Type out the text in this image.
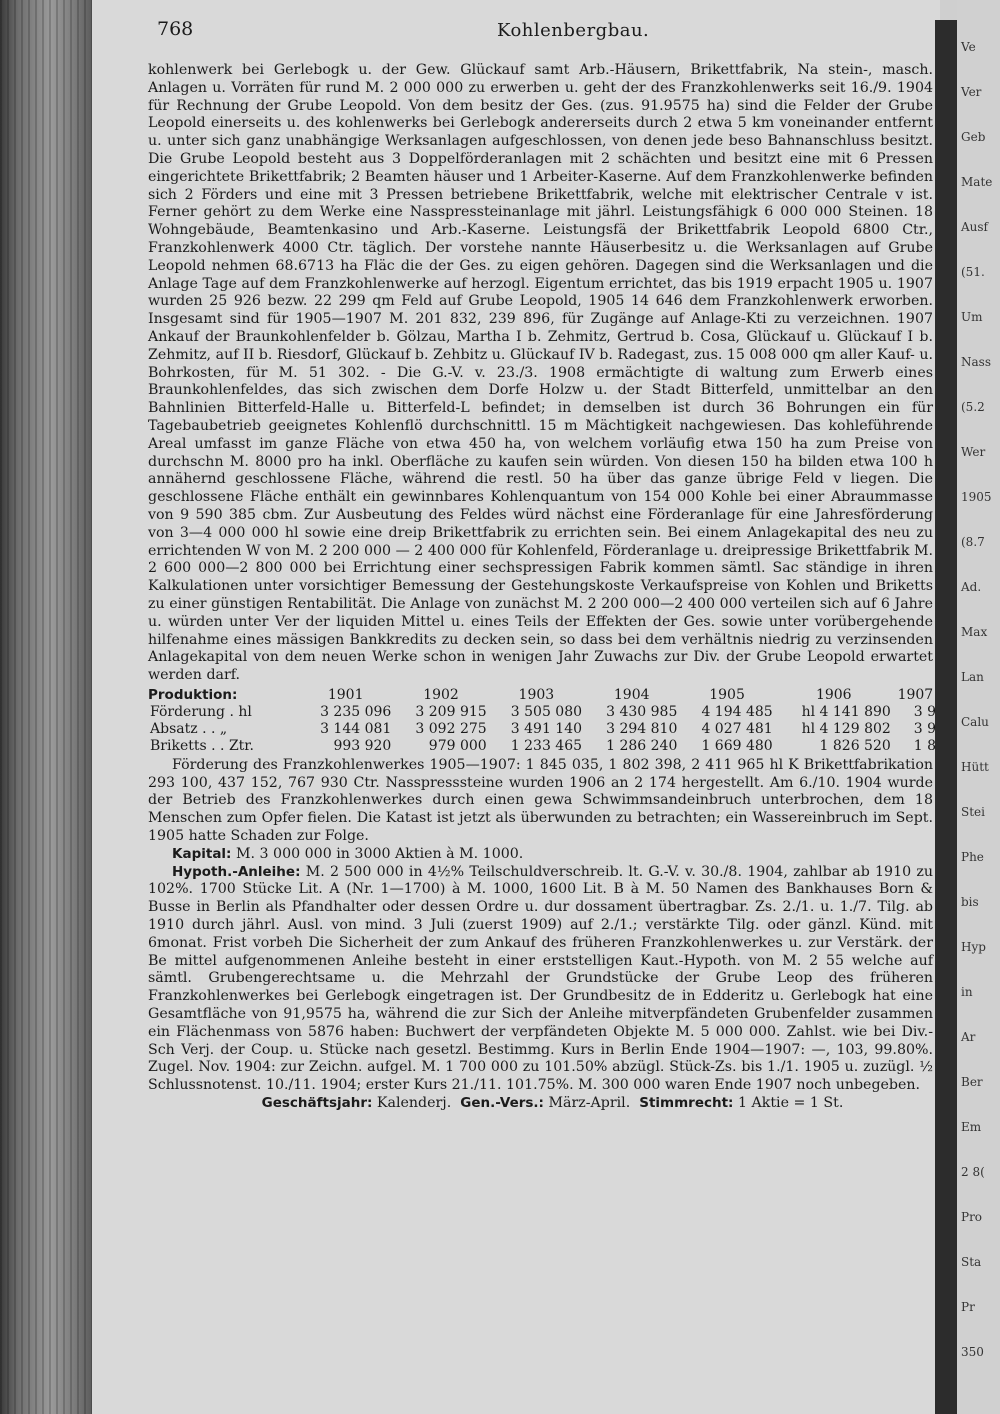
Ve
Ver
Geb
Mate
Ausf
(51.
Um
Nass
(5.2
Wer
1905
(8.7
Ad.
Max
Lan
Calu
Hütt
Stei
Phe
bis
Hyp
in
Ar
Ber
Em
2 8(
Pro
Sta
Pr
350
768	Kohlenbergbau.

kohlenwerk bei Gerlebogk u. der Gew. Glückauf samt Arb.-Häusern, Brikettfabrik, Na stein-, masch. Anlagen u. Vorräten für rund M. 2 000 000 zu erwerben u. geht der des Franzkohlenwerks seit 16./9. 1904 für Rechnung der Grube Leopold. Von dem besitz der Ges. (zus. 91.9575 ha) sind die Felder der Grube Leopold einerseits u. des kohlenwerks bei Gerlebogk andererseits durch 2 etwa 5 km voneinander entfernt u. unter sich ganz unabhängige Werksanlagen aufgeschlossen, von denen jede beso Bahnanschluss besitzt. Die Grube Leopold besteht aus 3 Doppelförderanlagen mit 2 schächten und besitzt eine mit 6 Pressen eingerichtete Brikettfabrik; 2 Beamten häuser und 1 Arbeiter-Kaserne. Auf dem Franzkohlenwerke befinden sich 2 Förders und eine mit 3 Pressen betriebene Brikettfabrik, welche mit elektrischer Centrale v ist. Ferner gehört zu dem Werke eine Nasspressteinanlage mit jährl. Leistungsfähigk 6 000 000 Steinen. 18 Wohngebäude, Beamtenkasino und Arb.-Kaserne. Leistungsfä der Brikettfabrik Leopold 6800 Ctr., Franzkohlenwerk 4000 Ctr. täglich. Der vorstehe nannte Häuserbesitz u. die Werksanlagen auf Grube Leopold nehmen 68.6713 ha Fläc die der Ges. zu eigen gehören. Dagegen sind die Werksanlagen und die Anlage Tage auf dem Franzkohlenwerke auf herzogl. Eigentum errichtet, das bis 1919 erpacht 1905 u. 1907 wurden 25 926 bezw. 22 299 qm Feld auf Grube Leopold, 1905 14 646 dem Franzkohlenwerk erworben. Insgesamt sind für 1905—1907 M. 201 832, 239 896, für Zugänge auf Anlage-Kti zu verzeichnen. 1907 Ankauf der Braunkohlenfelder b. Gölzau, Martha I b. Zehmitz, Gertrud b. Cosa, Glückauf u. Glückauf I b. Zehmitz, auf II b. Riesdorf, Glückauf b. Zehbitz u. Glückauf IV b. Radegast, zus. 15 008 000 qm aller Kauf- u. Bohrkosten, für M. 51 302. - Die G.-V. v. 23./3. 1908 ermächtigte di waltung zum Erwerb eines Braunkohlenfeldes, das sich zwischen dem Dorfe Holzw u. der Stadt Bitterfeld, unmittelbar an den Bahnlinien Bitterfeld-Halle u. Bitterfeld-L befindet; in demselben ist durch 36 Bohrungen ein für Tagebaubetrieb geeignetes Kohlenflö durchschnittl. 15 m Mächtigkeit nachgewiesen. Das kohleführende Areal umfasst im ganze Fläche von etwa 450 ha, von welchem vorläufig etwa 150 ha zum Preise von durchschn M. 8000 pro ha inkl. Oberfläche zu kaufen sein würden. Von diesen 150 ha bilden etwa 100 h annähernd geschlossene Fläche, während die restl. 50 ha über das ganze übrige Feld v liegen. Die geschlossene Fläche enthält ein gewinnbares Kohlenquantum von 154 000 Kohle bei einer Abraummasse von 9 590 385 cbm. Zur Ausbeutung des Feldes würd nächst eine Förderanlage für eine Jahresförderung von 3—4 000 000 hl sowie eine dreip Brikettfabrik zu errichten sein. Bei einem Anlagekapital des neu zu errichtenden W von M. 2 200 000 — 2 400 000 für Kohlenfeld, Förderanlage u. dreipressige Brikettfabrik M. 2 600 000—2 800 000 bei Errichtung einer sechspressigen Fabrik kommen sämtl. Sac ständige in ihren Kalkulationen unter vorsichtiger Bemessung der Gestehungskoste Verkaufspreise von Kohlen und Briketts zu einer günstigen Rentabilität. Die Anlage von zunächst M. 2 200 000—2 400 000 verteilen sich auf 6 Jahre u. würden unter Ver der liquiden Mittel u. eines Teils der Effekten der Ges. sowie unter vorübergehende hilfenahme eines mässigen Bankkredits zu decken sein, so dass bei dem verhältnis niedrig zu verzinsenden Anlagekapital von dem neuen Werke schon in wenigen Jahr Zuwachs zur Div. der Grube Leopold erwartet werden darf.

Produktion:	1901	1902	1903	1904	1905	1906	1907
Förderung . hl	3 235 096	3 209 915	3 505 080	3 430 985	4 194 485	hl 4 141 890	3 9
Absatz . . „	3 144 081	3 092 275	3 491 140	3 294 810	4 027 481	hl 4 129 802	3 9
Briketts . . Ztr.	993 920	979 000	1 233 465	1 286 240	1 669 480	1 826 520	1 8

Förderung des Franzkohlenwerkes 1905—1907: 1 845 035, 1 802 398, 2 411 965 hl K Brikettfabrikation 293 100, 437 152, 767 930 Ctr. Nasspresssteine wurden 1906 an 2 174 hergestellt. Am 6./10. 1904 wurde der Betrieb des Franzkohlenwerkes durch einen gewa Schwimmsandeinbruch unterbrochen, dem 18 Menschen zum Opfer fielen. Die Katast ist jetzt als überwunden zu betrachten; ein Wassereinbruch im Sept. 1905 hatte Schaden zur Folge.

Kapital: M. 3 000 000 in 3000 Aktien à M. 1000.

Hypoth.-Anleihe: M. 2 500 000 in 4½% Teilschuldverschreib. lt. G.-V. v. 30./8. 1904, zahlbar ab 1910 zu 102%. 1700 Stücke Lit. A (Nr. 1—1700) à M. 1000, 1600 Lit. B à M. 50 Namen des Bankhauses Born & Busse in Berlin als Pfandhalter oder dessen Ordre u. dur dossament übertragbar. Zs. 2./1. u. 1./7. Tilg. ab 1910 durch jährl. Ausl. von mind. 3 Juli (zuerst 1909) auf 2./1.; verstärkte Tilg. oder gänzl. Künd. mit 6monat. Frist vorbeh Die Sicherheit der zum Ankauf des früheren Franzkohlenwerkes u. zur Verstärk. der Be mittel aufgenommenen Anleihe besteht in einer erststelligen Kaut.-Hypoth. von M. 2 55 welche auf sämtl. Grubengerechtsame u. die Mehrzahl der Grundstücke der Grube Leop des früheren Franzkohlenwerkes bei Gerlebogk eingetragen ist. Der Grundbesitz de in Edderitz u. Gerlebogk hat eine Gesamtfläche von 91,9575 ha, während die zur Sich der Anleihe mitverpfändeten Grubenfelder zusammen ein Flächenmass von 5876 haben: Buchwert der verpfändeten Objekte M. 5 000 000. Zahlst. wie bei Div.-Sch Verj. der Coup. u. Stücke nach gesetzl. Bestimmg. Kurs in Berlin Ende 1904—1907: —, 103, 99.80%. Zugel. Nov. 1904: zur Zeichn. aufgel. M. 1 700 000 zu 101.50% abzügl. Stück-Zs. bis 1./1. 1905 u. zuzügl. ½ Schlussnotenst. 10./11. 1904; erster Kurs 21./11. 101.75%. M. 300 000 waren Ende 1907 noch unbegeben.

Geschäftsjahr: Kalenderj. Gen.-Vers.: März-April. Stimmrecht: 1 Aktie = 1 St.
